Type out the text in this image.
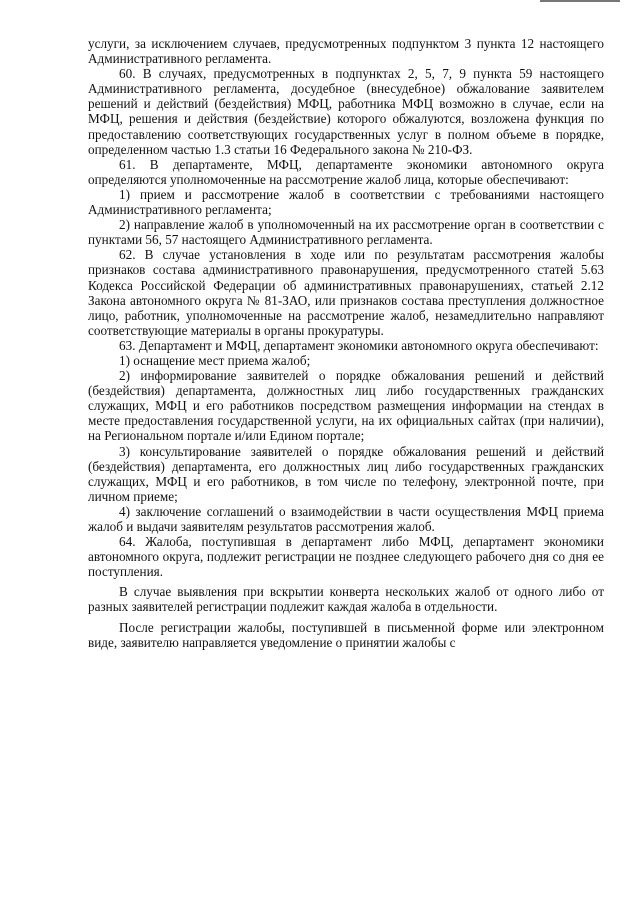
услуги, за исключением случаев, предусмотренных подпунктом 3 пункта 12 настоящего Административного регламента.

60. В случаях, предусмотренных в подпунктах 2, 5, 7, 9 пункта 59 настоящего Административного регламента, досудебное (внесудебное) обжалование заявителем решений и действий (бездействия) МФЦ, работника МФЦ возможно в случае, если на МФЦ, решения и действия (бездействие) которого обжалуются, возложена функция по предоставлению соответствующих государственных услуг в полном объеме в порядке, определенном частью 1.3 статьи 16 Федерального закона № 210-ФЗ.

61. В департаменте, МФЦ, департаменте экономики автономного округа определяются уполномоченные на рассмотрение жалоб лица, которые обеспечивают:

1) прием и рассмотрение жалоб в соответствии с требованиями настоящего Административного регламента;

2) направление жалоб в уполномоченный на их рассмотрение орган в соответствии с пунктами 56, 57 настоящего Административного регламента.

62. В случае установления в ходе или по результатам рассмотрения жалобы признаков состава административного правонарушения, предусмотренного статей 5.63 Кодекса Российской Федерации об административных правонарушениях, статьей 2.12 Закона автономного округа № 81-ЗАО, или признаков состава преступления должностное лицо, работник, уполномоченные на рассмотрение жалоб, незамедлительно направляют соответствующие материалы в органы прокуратуры.

63. Департамент и МФЦ, департамент экономики автономного округа обеспечивают:

1) оснащение мест приема жалоб;

2) информирование заявителей о порядке обжалования решений и действий (бездействия) департамента, должностных лиц либо государственных гражданских служащих, МФЦ и его работников посредством размещения информации на стендах в месте предоставления государственной услуги, на их официальных сайтах (при наличии), на Региональном портале и/или Едином портале;

3) консультирование заявителей о порядке обжалования решений и действий (бездействия) департамента, его должностных лиц либо государственных гражданских служащих, МФЦ и его работников, в том числе по телефону, электронной почте, при личном приеме;

4) заключение соглашений о взаимодействии в части осуществления МФЦ приема жалоб и выдачи заявителям результатов рассмотрения жалоб.

64. Жалоба, поступившая в департамент либо МФЦ, департамент экономики автономного округа, подлежит регистрации не позднее следующего рабочего дня со дня ее поступления.

В случае выявления при вскрытии конверта нескольких жалоб от одного либо от разных заявителей регистрации подлежит каждая жалоба в отдельности.

После регистрации жалобы, поступившей в письменной форме или электронном виде, заявителю направляется уведомление о принятии жалобы с
